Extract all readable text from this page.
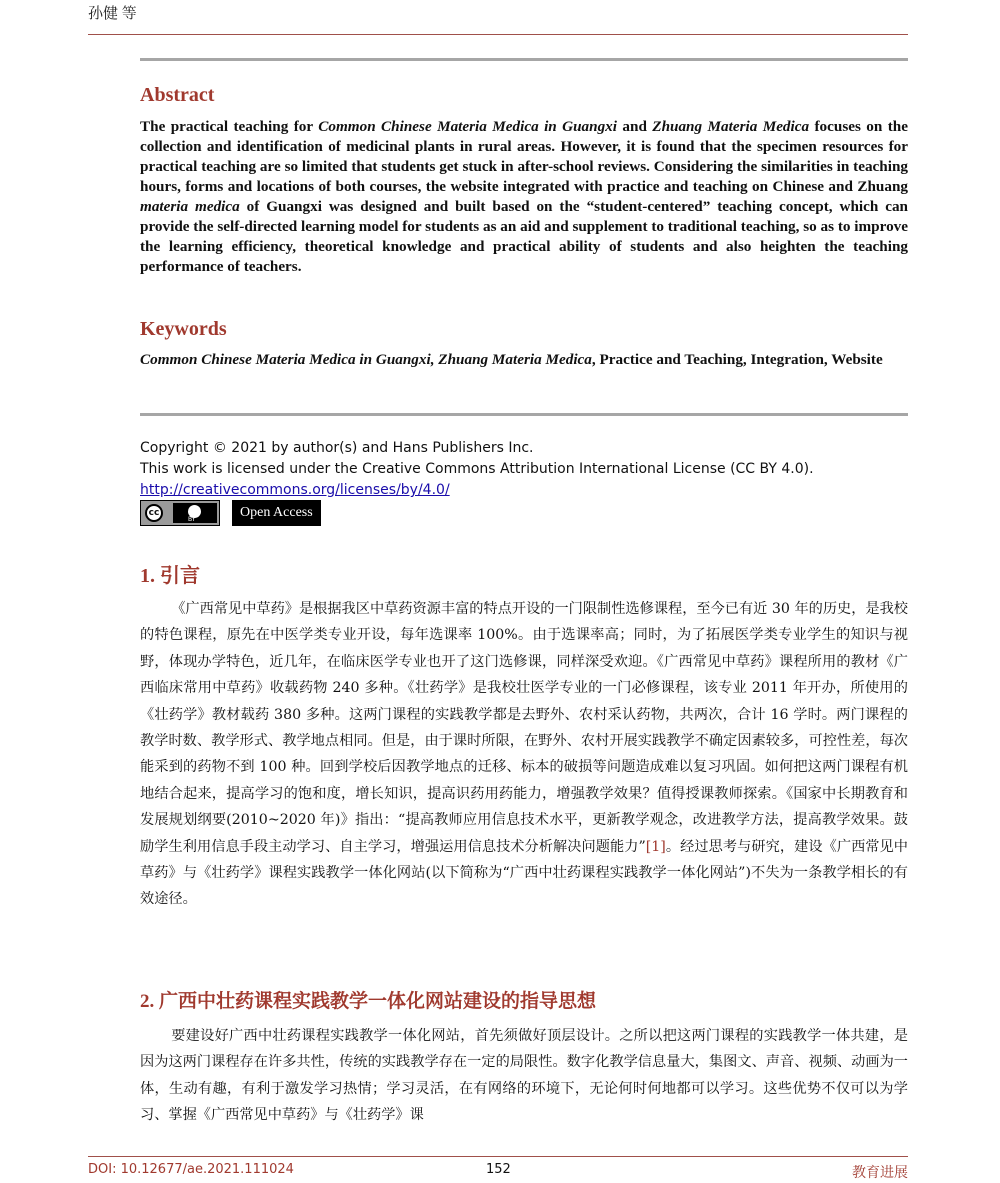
孙健 等
Abstract
The practical teaching for Common Chinese Materia Medica in Guangxi and Zhuang Materia Medica focuses on the collection and identification of medicinal plants in rural areas. However, it is found that the specimen resources for practical teaching are so limited that students get stuck in after-school reviews. Considering the similarities in teaching hours, forms and locations of both courses, the website integrated with practice and teaching on Chinese and Zhuang materia medica of Guangxi was designed and built based on the “student-centered” teaching concept, which can provide the self-directed learning model for students as an aid and supplement to traditional teaching, so as to improve the learning efficiency, theoretical knowledge and practical ability of students and also heighten the teaching performance of teachers.
Keywords
Common Chinese Materia Medica in Guangxi, Zhuang Materia Medica, Practice and Teaching, Integration, Website
Copyright © 2021 by author(s) and Hans Publishers Inc.
This work is licensed under the Creative Commons Attribution International License (CC BY 4.0).
http://creativecommons.org/licenses/by/4.0/
cc
BY	Open Access
1. 引言

《广西常见中草药》是根据我区中草药资源丰富的特点开设的一门限制性选修课程，至今已有近 30 年的历史，是我校的特色课程，原先在中医学类专业开设，每年选课率 100%。由于选课率高；同时，为了拓展医学类专业学生的知识与视野，体现办学特色，近几年，在临床医学专业也开了这门选修课，同样深受欢迎。《广西常见中草药》课程所用的教材《广西临床常用中草药》收载药物 240 多种。《壮药学》是我校壮医学专业的一门必修课程，该专业 2011 年开办，所使用的《壮药学》教材载药 380 多种。这两门课程的实践教学都是去野外、农村采认药物，共两次，合计 16 学时。两门课程的教学时数、教学形式、教学地点相同。但是，由于课时所限，在野外、农村开展实践教学不确定因素较多，可控性差，每次能采到的药物不到 100 种。回到学校后因教学地点的迁移、标本的破损等问题造成难以复习巩固。如何把这两门课程有机地结合起来，提高学习的饱和度，增长知识，提高识药用药能力，增强教学效果？值得授课教师探索。《国家中长期教育和发展规划纲要(2010~2020 年)》指出：“提高教师应用信息技术水平，更新教学观念，改进教学方法，提高教学效果。鼓励学生利用信息手段主动学习、自主学习，增强运用信息技术分析解决问题能力”[1]。经过思考与研究，建设《广西常见中草药》与《壮药学》课程实践教学一体化网站(以下简称为“广西中壮药课程实践教学一体化网站”)不失为一条教学相长的有效途径。

2. 广西中壮药课程实践教学一体化网站建设的指导思想

要建设好广西中壮药课程实践教学一体化网站，首先须做好顶层设计。之所以把这两门课程的实践教学一体共建，是因为这两门课程存在许多共性，传统的实践教学存在一定的局限性。数字化教学信息量大，集图文、声音、视频、动画为一体，生动有趣，有利于激发学习热情；学习灵活，在有网络的环境下，无论何时何地都可以学习。这些优势不仅可以为学习、掌握《广西常见中草药》与《壮药学》课

DOI: 10.12677/ae.2021.111024	152	教育进展
